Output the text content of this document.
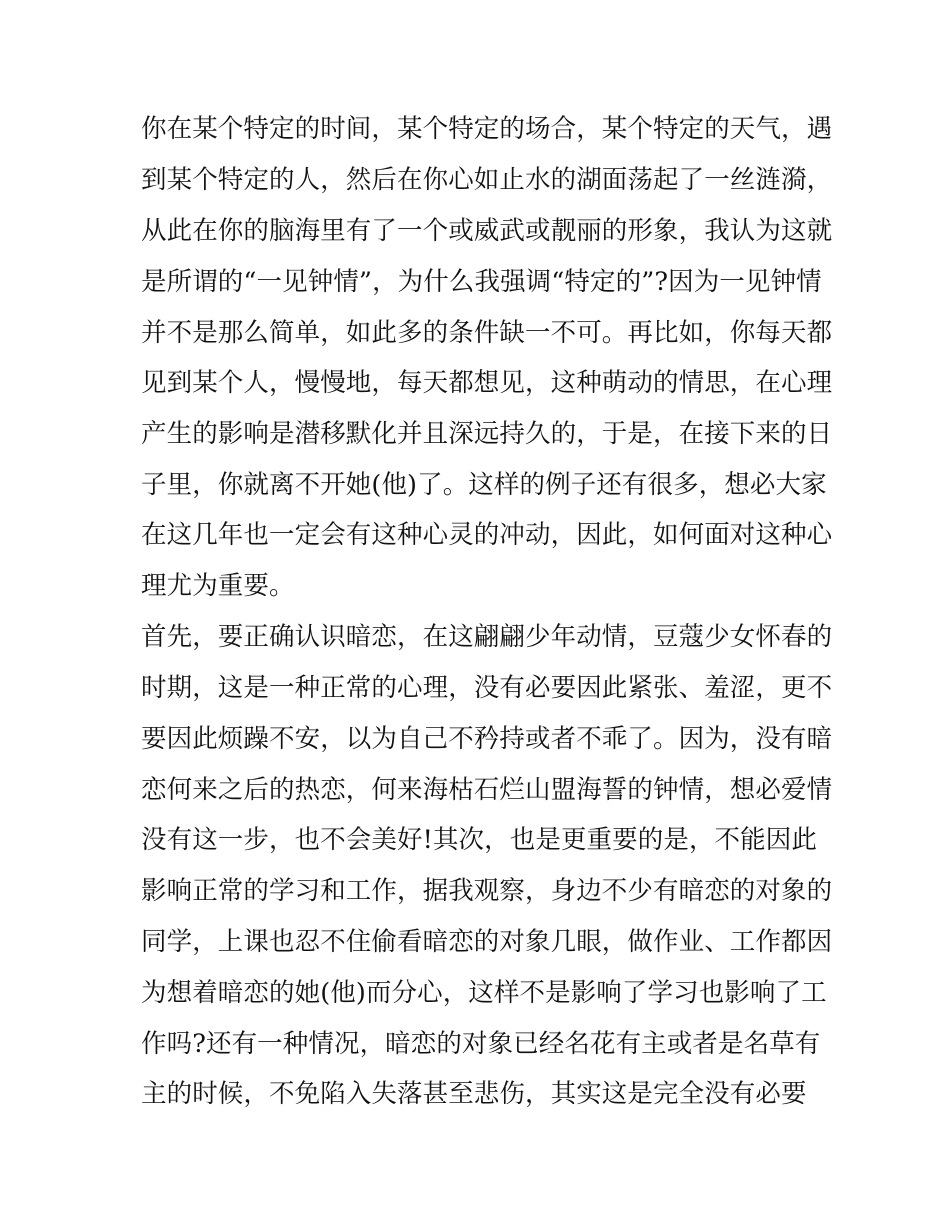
你在某个特定的时间，某个特定的场合，某个特定的天气，遇
到某个特定的人，然后在你心如止水的湖面荡起了一丝涟漪，
从此在你的脑海里有了一个或威武或靓丽的形象，我认为这就
是所谓的“一见钟情”，为什么我强调“特定的”?因为一见钟情
并不是那么简单，如此多的条件缺一不可。再比如，你每天都
见到某个人，慢慢地，每天都想见，这种萌动的情思，在心理
产生的影响是潜移默化并且深远持久的，于是，在接下来的日
子里，你就离不开她(他)了。这样的例子还有很多，想必大家
在这几年也一定会有这种心灵的冲动，因此，如何面对这种心
理尤为重要。
首先，要正确认识暗恋，在这翩翩少年动情，豆蔻少女怀春的
时期，这是一种正常的心理，没有必要因此紧张、羞涩，更不
要因此烦躁不安，以为自己不矜持或者不乖了。因为，没有暗
恋何来之后的热恋，何来海枯石烂山盟海誓的钟情，想必爱情
没有这一步，也不会美好!其次，也是更重要的是，不能因此
影响正常的学习和工作，据我观察，身边不少有暗恋的对象的
同学，上课也忍不住偷看暗恋的对象几眼，做作业、工作都因
为想着暗恋的她(他)而分心，这样不是影响了学习也影响了工
作吗?还有一种情况，暗恋的对象已经名花有主或者是名草有
主的时候，不免陷入失落甚至悲伤，其实这是完全没有必要
